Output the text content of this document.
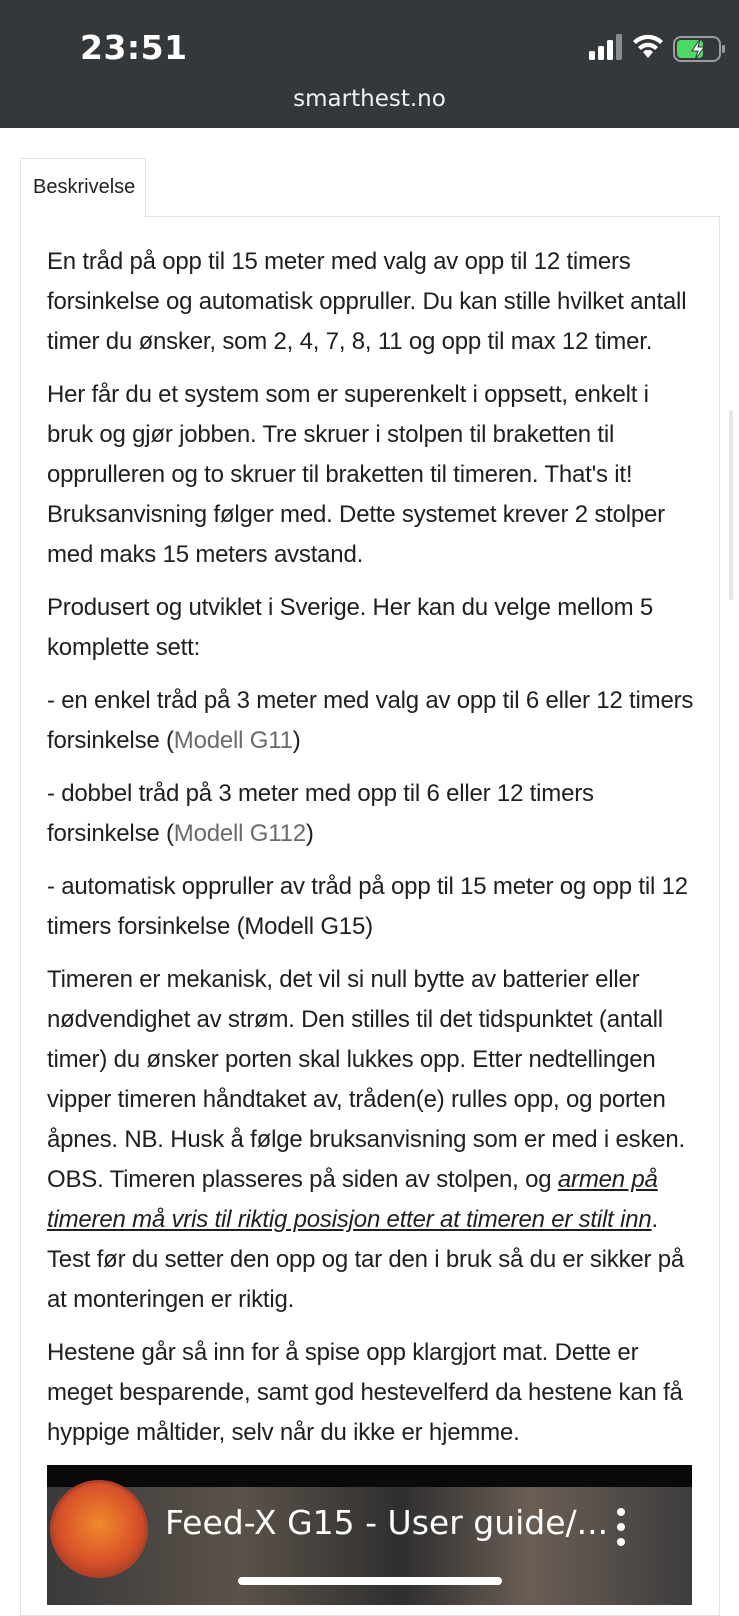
23:51
smarthest.no
Beskrivelse

En tråd på opp til 15 meter med valg av opp til 12 timers forsinkelse og automatisk oppruller. Du kan stille hvilket antall timer du ønsker, som 2, 4, 7, 8, 11 og opp til max 12 timer.

Her får du et system som er superenkelt i oppsett, enkelt i bruk og gjør jobben. Tre skruer i stolpen til braketten til opprulleren og to skruer til braketten til timeren. That's it! Bruksanvisning følger med. Dette systemet krever 2 stolper med maks 15 meters avstand.

Produsert og utviklet i Sverige. Her kan du velge mellom 5 komplette sett:

- en enkel tråd på 3 meter med valg av opp til 6 eller 12 timers forsinkelse (Modell G11)

- dobbel tråd på 3 meter med opp til 6 eller 12 timers forsinkelse (Modell G112)

- automatisk oppruller av tråd på opp til 15 meter og opp til 12 timers forsinkelse (Modell G15)

Timeren er mekanisk, det vil si null bytte av batterier eller nødvendighet av strøm. Den stilles til det tidspunktet (antall timer) du ønsker porten skal lukkes opp. Etter nedtellingen vipper timeren håndtaket av, tråden(e) rulles opp, og porten åpnes. NB. Husk å følge bruksanvisning som er med i esken. OBS. Timeren plasseres på siden av stolpen, og armen på timeren må vris til riktig posisjon etter at timeren er stilt inn. Test før du setter den opp og tar den i bruk så du er sikker på at monteringen er riktig.

Hestene går så inn for å spise opp klargjort mat. Dette er meget besparende, samt god hestevelferd da hestene kan få hyppige måltider, selv når du ikke er hjemme.

Feed-X G15 - User guide/...
